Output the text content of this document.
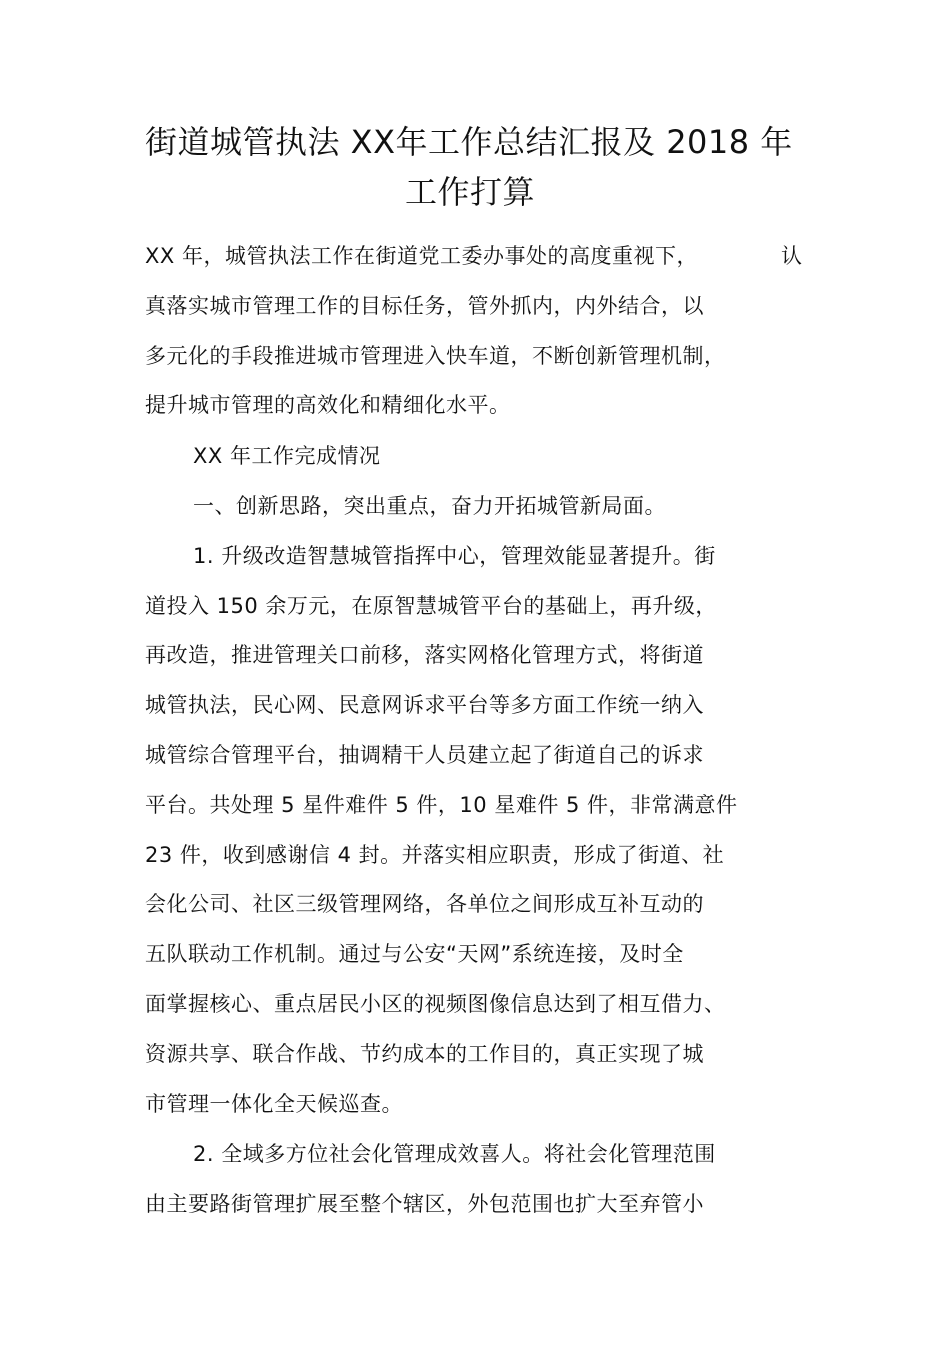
街道城管执法 XX年工作总结汇报及 2018 年
工作打算
XX 年，城管执法工作在街道党工委办事处的高度重视下，	认
真落实城市管理工作的目标任务，管外抓内，内外结合，以
多元化的手段推进城市管理进入快车道，不断创新管理机制，
提升城市管理的高效化和精细化水平。
XX 年工作完成情况
一、创新思路，突出重点，奋力开拓城管新局面。
1. 升级改造智慧城管指挥中心，管理效能显著提升。街
道投入 150 余万元，在原智慧城管平台的基础上，再升级，
再改造，推进管理关口前移，落实网格化管理方式，将街道
城管执法，民心网、民意网诉求平台等多方面工作统一纳入
城管综合管理平台，抽调精干人员建立起了街道自己的诉求
平台。共处理 5 星件难件 5 件，10 星难件 5 件，非常满意件
23 件，收到感谢信 4 封。并落实相应职责，形成了街道、社
会化公司、社区三级管理网络，各单位之间形成互补互动的
五队联动工作机制。通过与公安“天网”系统连接，及时全
面掌握核心、重点居民小区的视频图像信息达到了相互借力、
资源共享、联合作战、节约成本的工作目的，真正实现了城
市管理一体化全天候巡查。
2. 全域多方位社会化管理成效喜人。将社会化管理范围
由主要路街管理扩展至整个辖区，外包范围也扩大至弃管小
